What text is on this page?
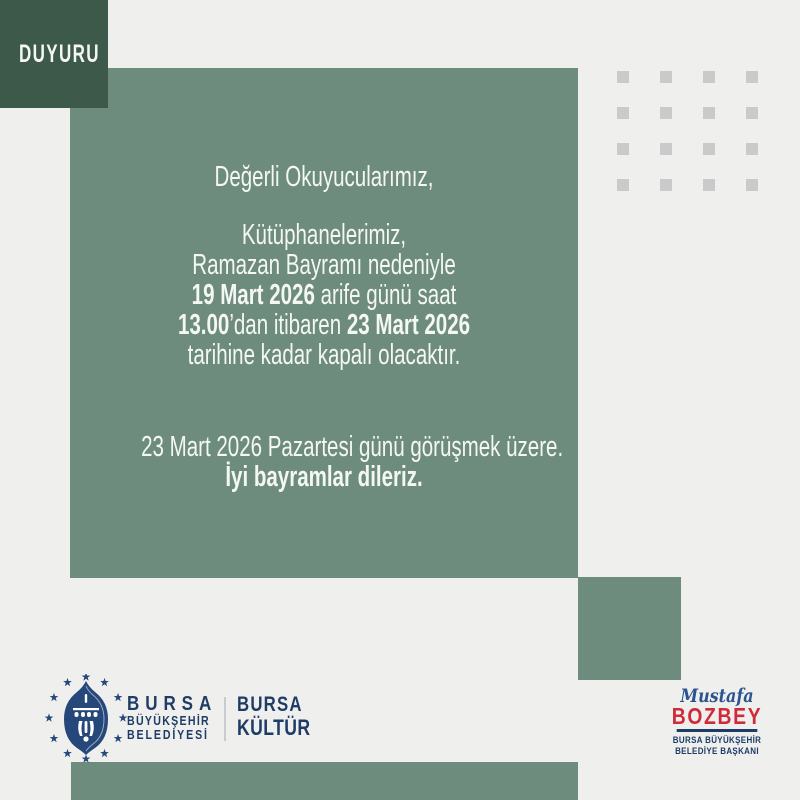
DUYURU
Değerli Okuyucularımız,
Kütüphanelerimiz,
Ramazan Bayramı nedeniyle
19 Mart 2026 arife günü saat
13.00’dan itibaren 23 Mart 2026
tarihine kadar kapalı olacaktır.
23 Mart 2026 Pazartesi günü görüşmek üzere.
İyi bayramlar dileriz.
BURSA
BÜYÜKŞEHİR
BELEDİYESİ
BURSA
KÜLTÜR
Mustafa
BOZBEY
BURSA BÜYÜKŞEHİR
BELEDİYE BAŞKANI
